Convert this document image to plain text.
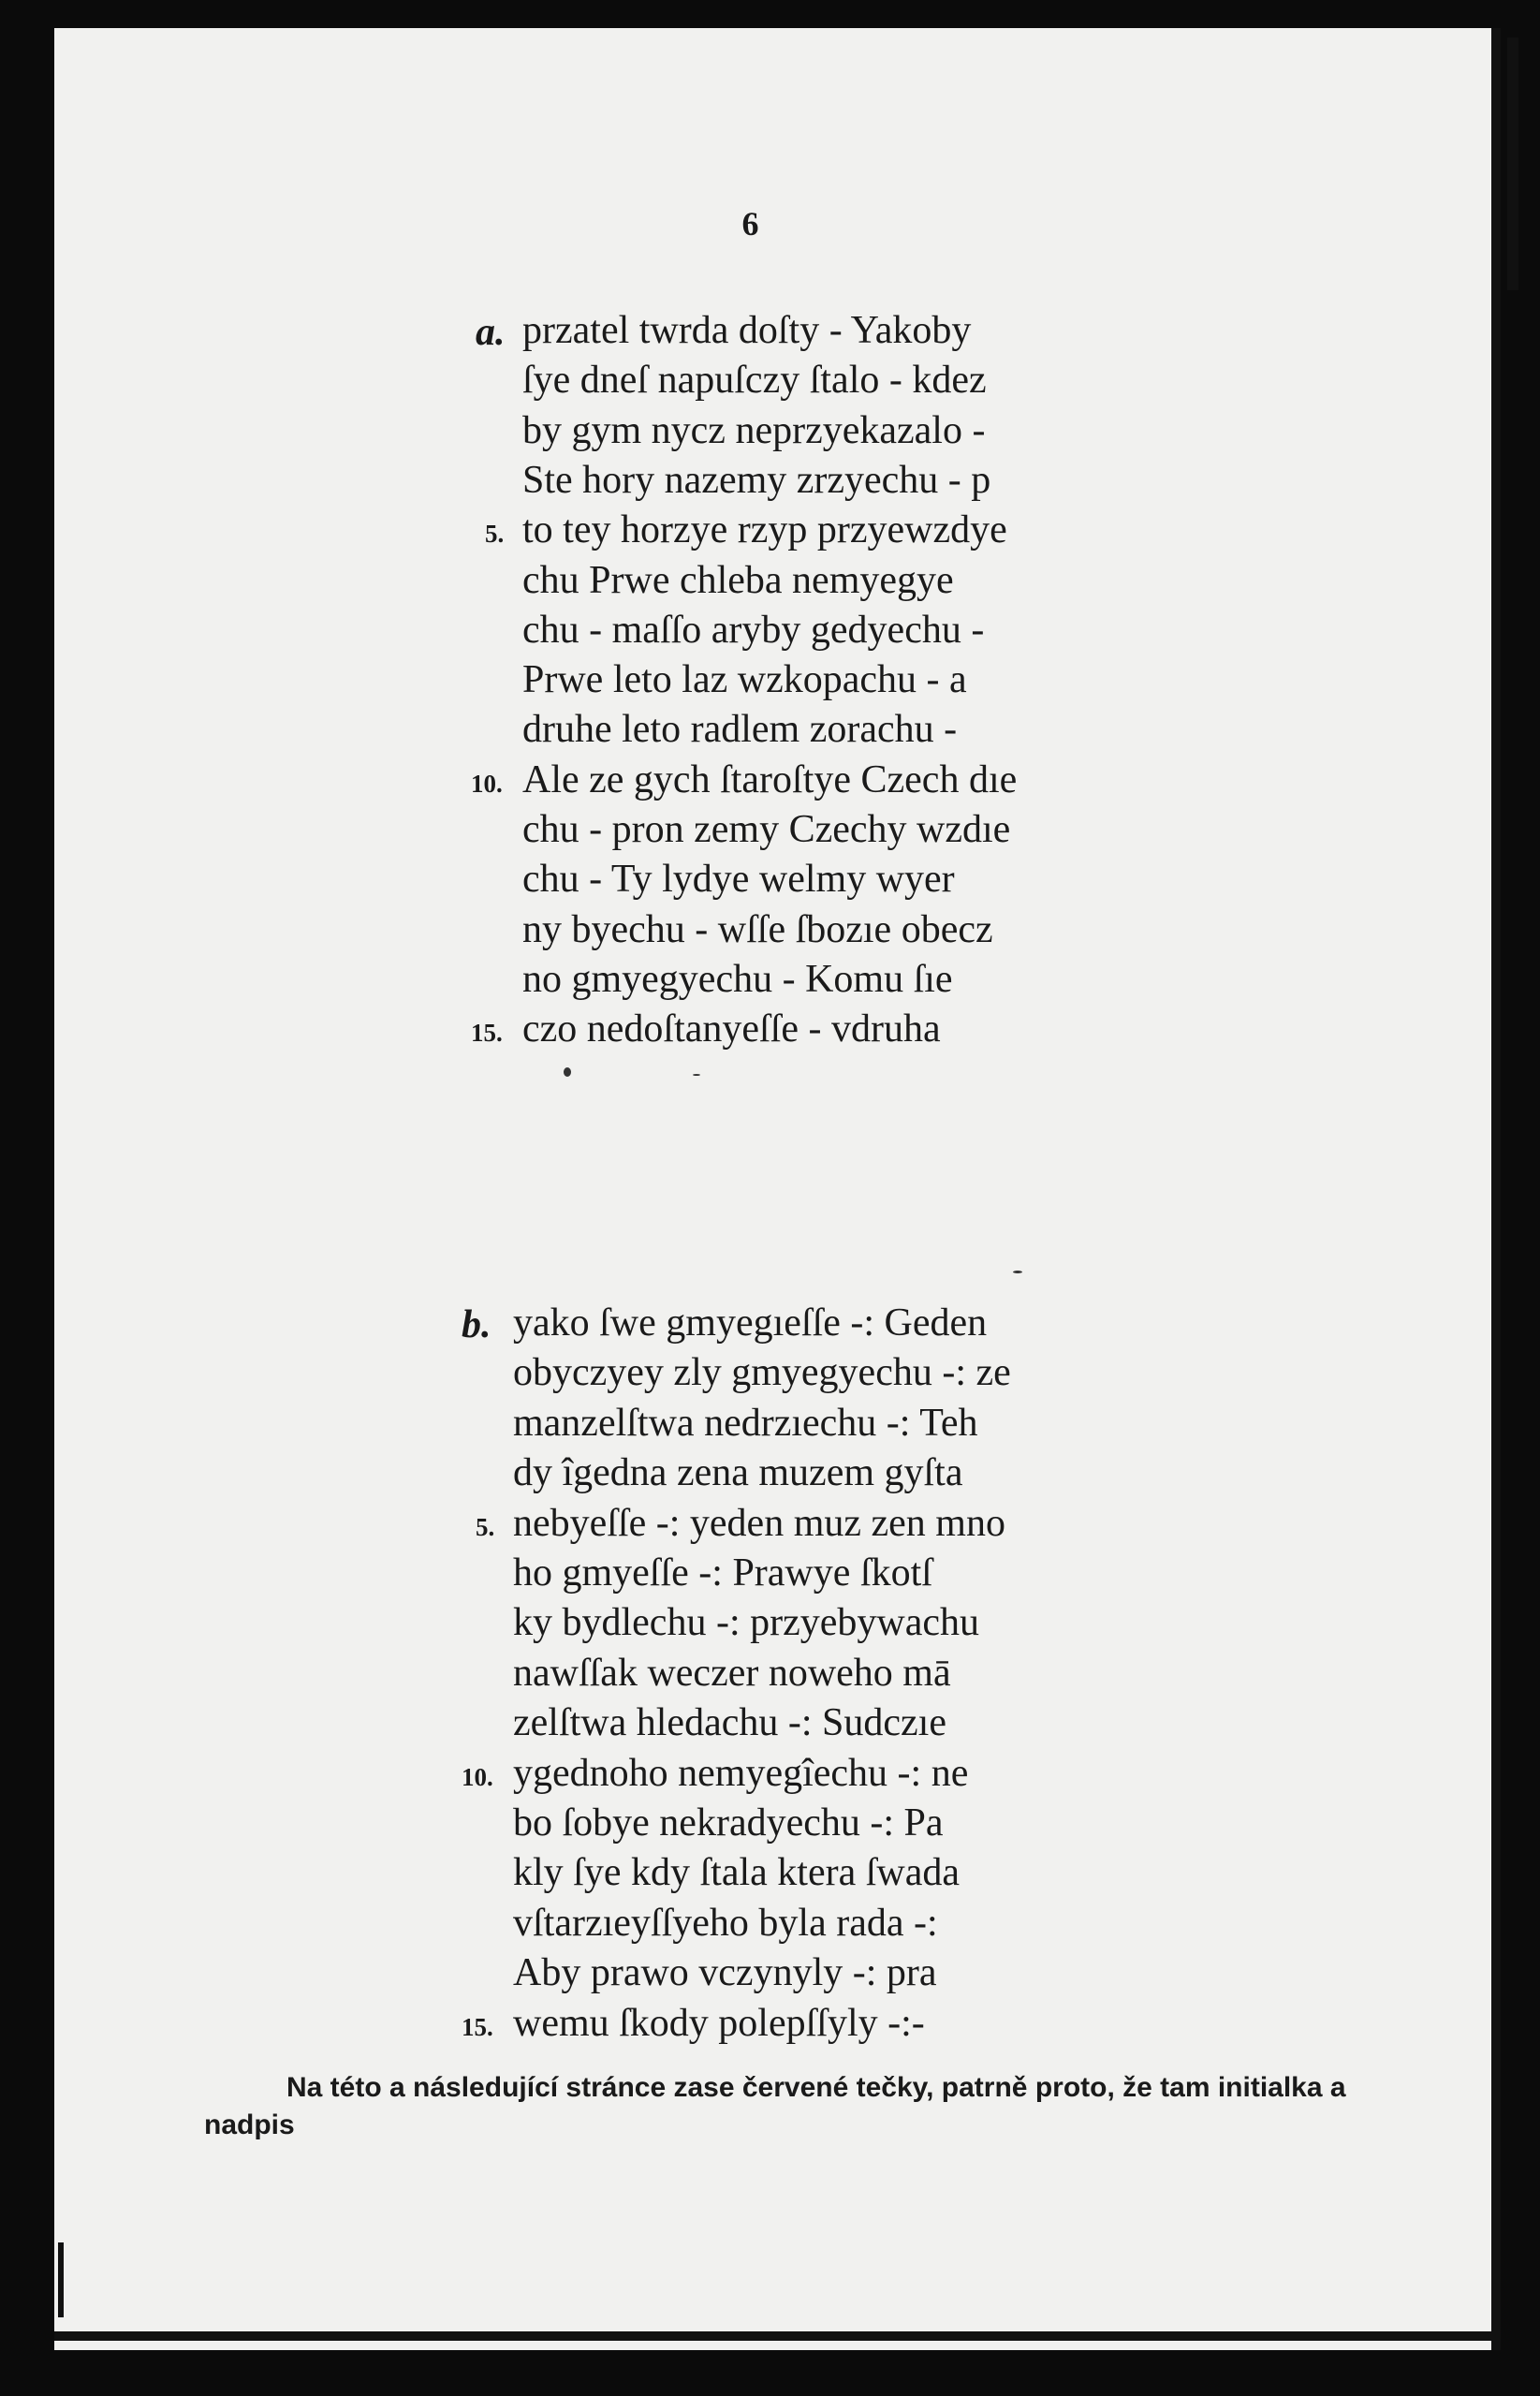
6
a. przatel twrda doſty - Yakoby
ſye dneſ napuſczy ſtalo - kdez
by gym nycz neprzyekazalo -
Ste hory nazemy zrzyechu - p
5. to tey horzye rzyp przyewzdye
chu Prwe chleba nemyegye
chu - maſſo aryby gedyechu -
Prwe leto laz wzkopachu - a
druhe leto radlem zorachu -
10. Ale ze gych ſtaroſtye Czech dıe
chu - pron zemy Czechy wzdıe
chu - Ty lydye welmy wyer
ny byechu - wſſe ſbozıe obecz
no gmyegyechu - Komu ſıe
15. czo nedoſtanyeſſe - vdruha
b. yako ſwe gmyegıeſſe -: Geden
obyczyey zly gmyegyechu -: ze
manzelſtwa nedrzıechu -: Teh
dy îgedna zena muzem gyſta
5. nebyeſſe -: yeden muz zen mno
ho gmyeſſe -: Prawye ſkotſ
ky bydlechu -: przyebywachu
nawſſak weczer noweho mā
zelſtwa hledachu -: Sudczıe
10. ygednoho nemyegîechu -: ne
bo ſobye nekradyechu -: Pa
kly ſye kdy ſtala ktera ſwada
vſtarzıeyſſyeho byla rada -:
Aby prawo vczynyly -: pra
15. wemu ſkody polepſſyly -:-
Na této a následující stránce zase červené tečky, patrně proto, že tam initialka a nadpis
